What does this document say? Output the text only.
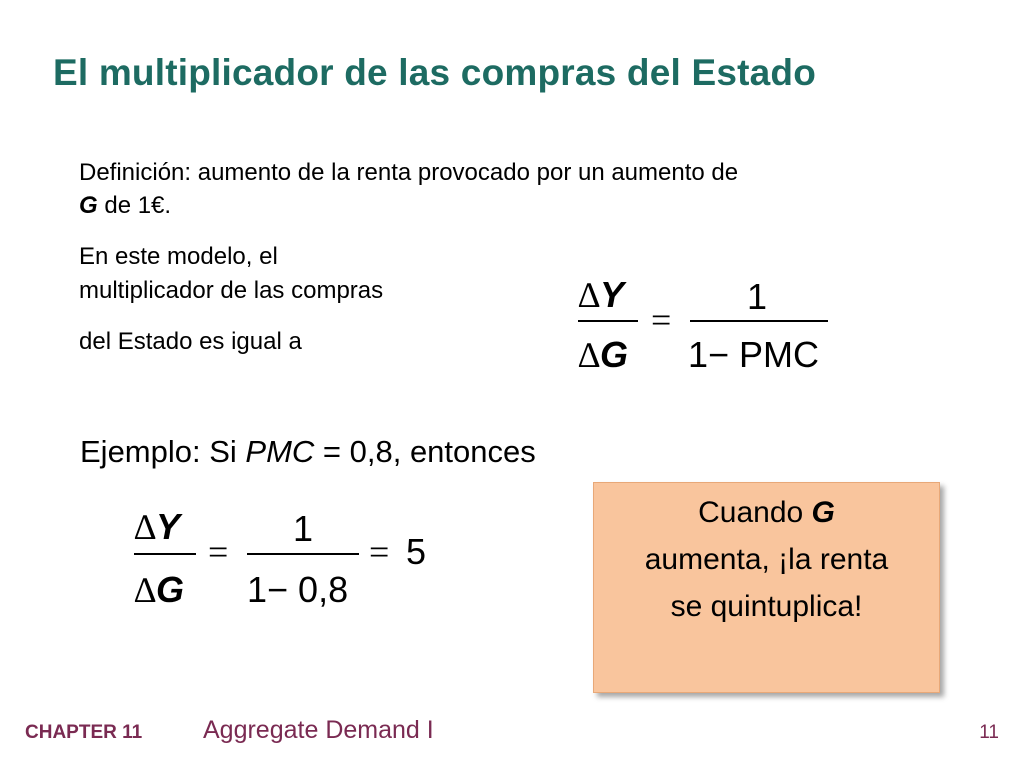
El multiplicador de las compras del Estado
Definición: aumento de la renta provocado por un aumento de
G de 1€.
En este modelo, el
multiplicador de las compras
del Estado es igual a
∆Y
∆G
=
1
1− PMC
Ejemplo: Si PMC = 0,8, entonces
∆Y
∆G
=
1
1− 0,8
= 5
Cuando G
aumenta, ¡la renta
se quintuplica!
CHAPTER 11 Aggregate Demand I	11
